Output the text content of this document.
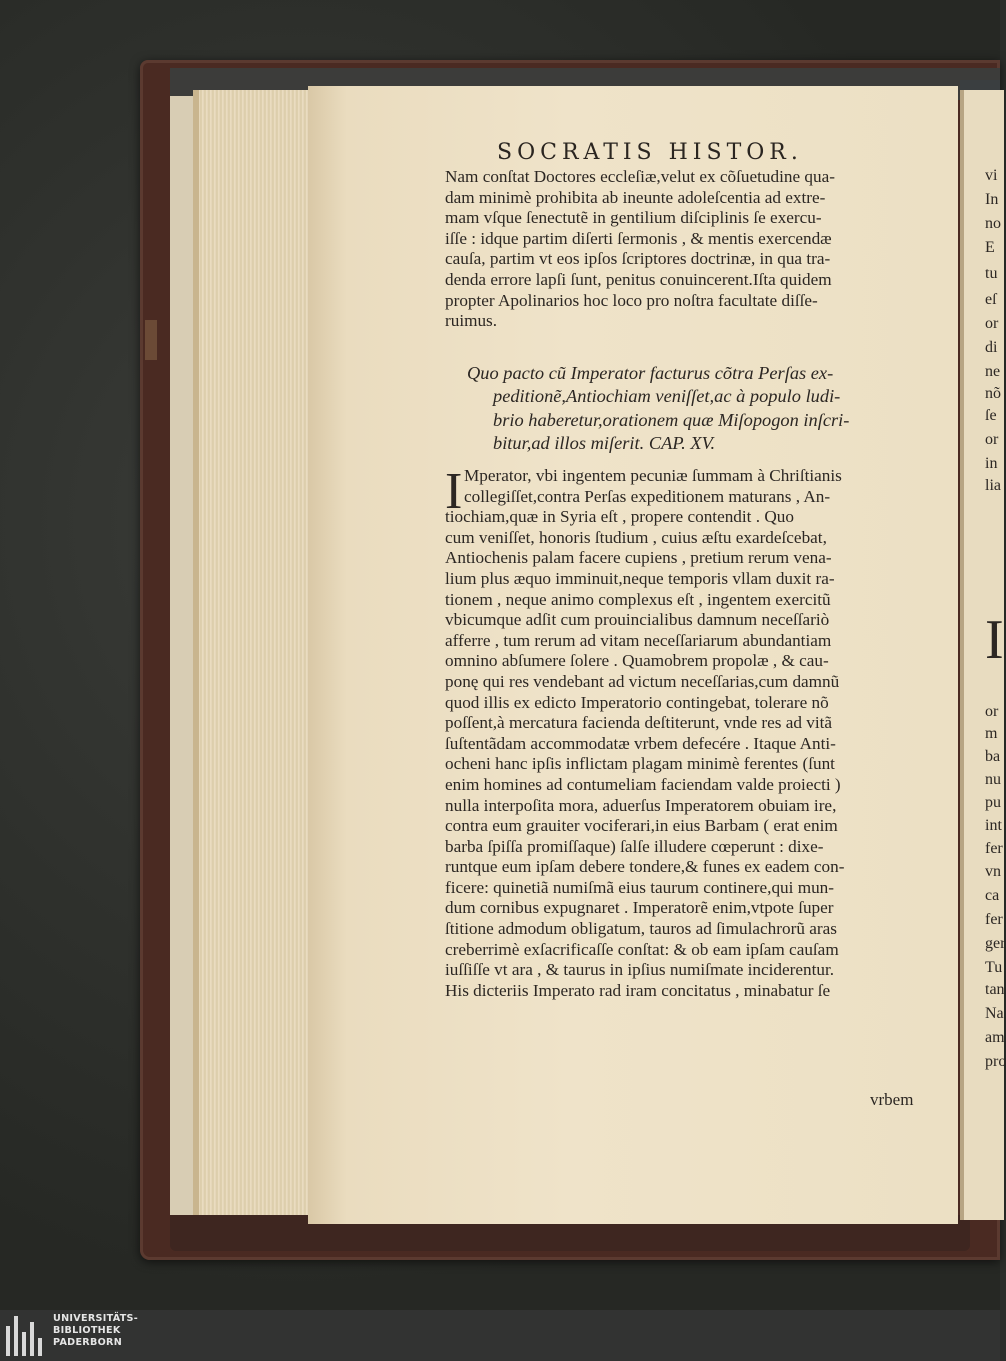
SOCRATIS HISTOR.

Nam conſtat Doctores eccleſiæ,velut ex cõſuetudine qua-
dam minimè prohibita ab ineunte adoleſcentia ad extre-
mam vſque ſenectutẽ in gentilium diſciplinis ſe exercu-
iſſe : idque partim diſerti ſermonis , & mentis exercendæ
cauſa, partim vt eos ipſos ſcriptores doctrinæ, in qua tra-
denda errore lapſi ſunt, penitus conuincerent.Iſta quidem
propter Apolinarios hoc loco pro noſtra facultate diſſe-
ruimus.
Quo pacto cũ Imperator facturus cõtra Perſas ex-
peditionẽ,Antiochiam veniſſet,ac à populo ludi-
brio haberetur,orationem quæ Miſopogon inſcri-
bitur,ad illos miſerit. CAP. XV.
I Mperator, vbi ingentem pecuniæ ſummam à Chriſtianis
collegiſſet,contra Perſas expeditionem maturans , An-
tiochiam,quæ in Syria eſt , propere contendit . Quo
cum veniſſet, honoris ſtudium , cuius æſtu exardeſcebat,
Antiochenis palam facere cupiens , pretium rerum vena-
lium plus æquo imminuit,neque temporis vllam duxit ra-
tionem , neque animo complexus eſt , ingentem exercitũ
vbicumque adſit cum prouincialibus damnum neceſſariò
afferre , tum rerum ad vitam neceſſariarum abundantiam
omnino abſumere ſolere . Quamobrem propolæ , & cau-
ponę qui res vendebant ad victum neceſſarias,cum damnũ
quod illis ex edicto Imperatorio contingebat, tolerare nõ
poſſent,à mercatura facienda deſtiterunt, vnde res ad vitã
ſuſtentãdam accommodatæ vrbem defecére . Itaque Anti-
ocheni hanc ipſis inflictam plagam minimè ferentes (ſunt
enim homines ad contumeliam faciendam valde proiecti )
nulla interpoſita mora, aduerſus Imperatorem obuiam ire,
contra eum grauiter vociferari,in eius Barbam ( erat enim
barba ſpiſſa promiſſaque) ſalſe illudere cœperunt : dixe-
runtque eum ipſam debere tondere,& funes ex eadem con-
ficere: quinetiã numiſmã eius taurum continere,qui mun-
dum cornibus expugnaret . Imperatorẽ enim,vtpote ſuper
ſtitione admodum obligatum, tauros ad ſimulachrorũ aras
creberrimè exſacrificaſſe conſtat: & ob eam ipſam cauſam
iuſſiſſe vt ara , & taurus in ipſius numiſmate inciderentur.
His dicteriis Imperato rad iram concitatus , minabatur ſe

vrbem

vi

In

no

E

tu

eſ

or

di

ne

nõ

ſe

or

in

lia

I

or

m

ba

nu

pu

int

fer

vn

ca

fer

ger

Tu

tan

Na

am

pro

UNIVERSITÄTS-
BIBLIOTHEK
PADERBORN
